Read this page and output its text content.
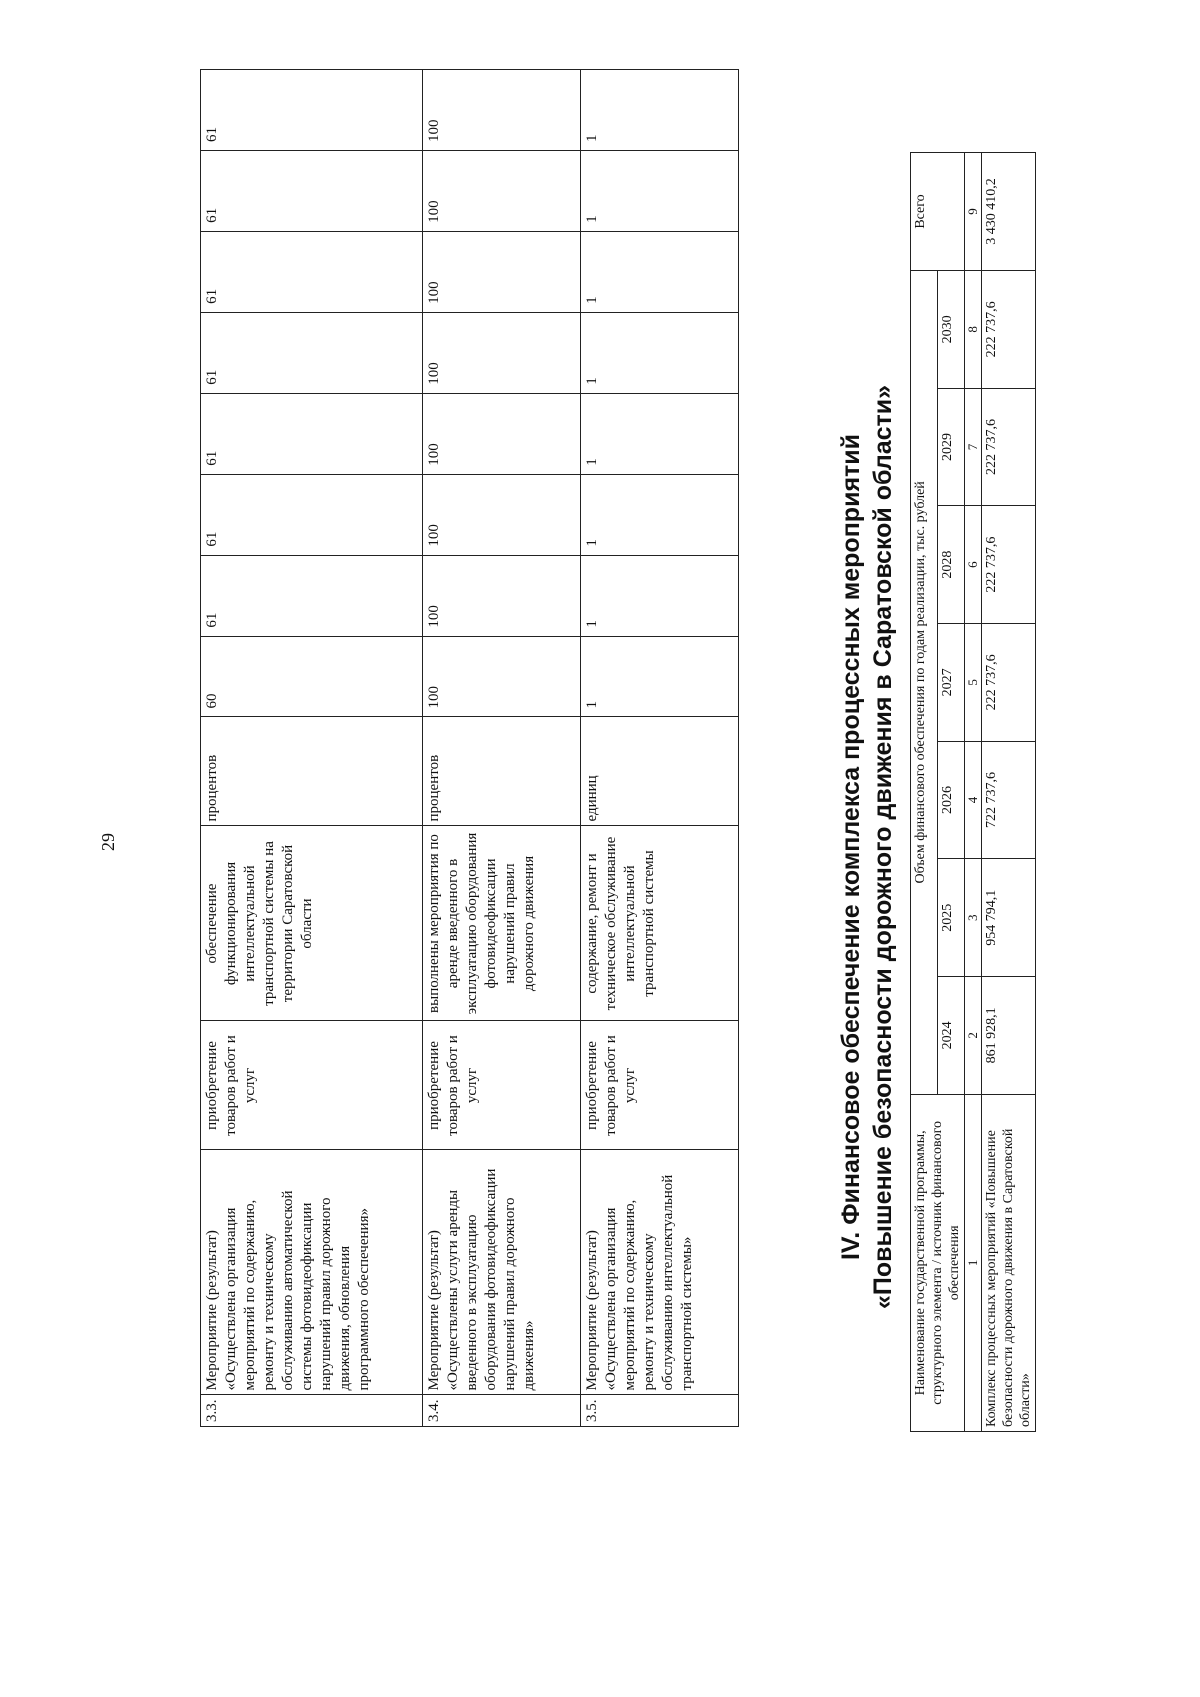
29
3.3.	Мероприятие (результат) «Осуществлена организация мероприятий по содержанию, ремонту и техническому обслуживанию автоматической системы фотовидеофиксации нарушений правил дорожного движения, обновления программного обеспечения»	приобретение товаров работ и услуг	обеспечение функционирования интеллектуальной транспортной системы на территории Саратовской области	процентов	60	61	61	61	61	61	61	61
3.4.	Мероприятие (результат) «Осуществлены услуги аренды введенного в эксплуатацию оборудования фотовидеофиксации нарушений правил дорожного движения»	приобретение товаров работ и услуг	выполнены мероприятия по аренде введенного в эксплуатацию оборудования фотовидеофиксации нарушений правил дорожного движения	процентов	100	100	100	100	100	100	100	100
3.5.	Мероприятие (результат) «Осуществлена организация мероприятий по содержанию, ремонту и техническому обслуживанию интеллектуальной транспортной системы»	приобретение товаров работ и услуг	содержание, ремонт и техническое обслуживание интеллектуальной транспортной системы	единиц	1	1	1	1	1	1	1	1
IV. Финансовое обеспечение комплекса процессных мероприятий «Повышение безопасности дорожного движения в Саратовской области» Наименование государственной программы, структурного элемента / источник финансового обеспечения	Объем финансового обеспечения по годам реализации, тыс. рублей							Всего
	2024	2025	2026	2027	2028	2029	2030	
1	2	3	4	5	6	7	8	9
Комплекс процессных мероприятий «Повышение безопасности дорожного движения в Саратовской области»	861 928,1	954 794,1	722 737,6	222 737,6	222 737,6	222 737,6	222 737,6	3 430 410,2
